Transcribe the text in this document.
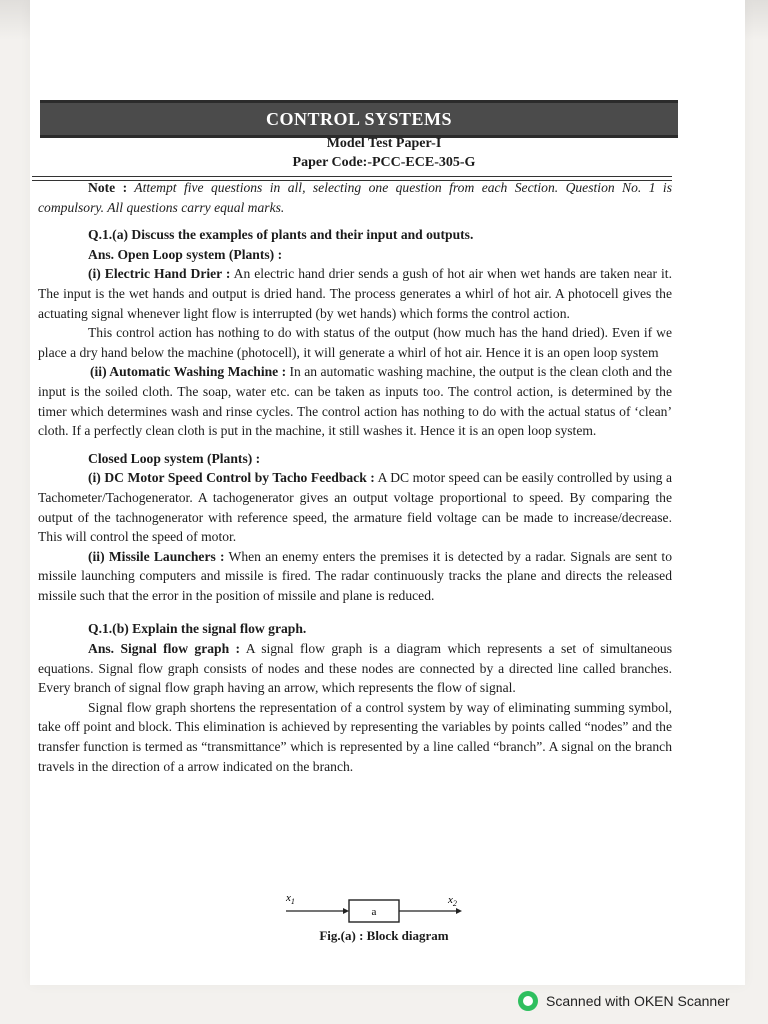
CONTROL SYSTEMS
Model Test Paper-I
Paper Code:-PCC-ECE-305-G

Note : Attempt five questions in all, selecting one question from each Section. Question No. 1 is compulsory. All questions carry equal marks.

Q.1.(a) Discuss the examples of plants and their input and outputs.

Ans. Open Loop system (Plants) :

(i) Electric Hand Drier : An electric hand drier sends a gush of hot air when wet hands are taken near it. The input is the wet hands and output is dried hand. The process generates a whirl of hot air. A photocell gives the actuating signal whenever light flow is interrupted (by wet hands) which forms the control action.

This control action has nothing to do with status of the output (how much has the hand dried). Even if we place a dry hand below the machine (photocell), it will generate a whirl of hot air. Hence it is an open loop system

(ii) Automatic Washing Machine : In an automatic washing machine, the output is the clean cloth and the input is the soiled cloth. The soap, water etc. can be taken as inputs too. The control action, is determined by the timer which determines wash and rinse cycles. The control action has nothing to do with the actual status of ‘clean’ cloth. If a perfectly clean cloth is put in the machine, it still washes it. Hence it is an open loop system.

Closed Loop system (Plants) :

(i) DC Motor Speed Control by Tacho Feedback : A DC motor speed can be easily controlled by using a Tachometer/Tachogenerator. A tachogenerator gives an output voltage proportional to speed. By comparing the output of the tachnogenerator with reference speed, the armature field voltage can be made to increase/decrease. This will control the speed of motor.

(ii) Missile Launchers : When an enemy enters the premises it is detected by a radar. Signals are sent to missile launching computers and missile is fired. The radar continuously tracks the plane and directs the released missile such that the error in the position of missile and plane is reduced.

Q.1.(b) Explain the signal flow graph.

Ans. Signal flow graph : A signal flow graph is a diagram which represents a set of simultaneous equations. Signal flow graph consists of nodes and these nodes are connected by a directed line called branches. Every branch of signal flow graph having an arrow, which represents the flow of signal.

Signal flow graph shortens the representation of a control system by way of eliminating summing symbol, take off point and block. This elimination is achieved by representing the variables by points called “nodes” and the transfer function is termed as “transmittance” which is represented by a line called “branch”. A signal on the branch travels in the direction of a arrow indicated on the branch.

$x_1$
a
$x_2$
Fig.(a) : Block diagram
Scanned with OKEN Scanner
